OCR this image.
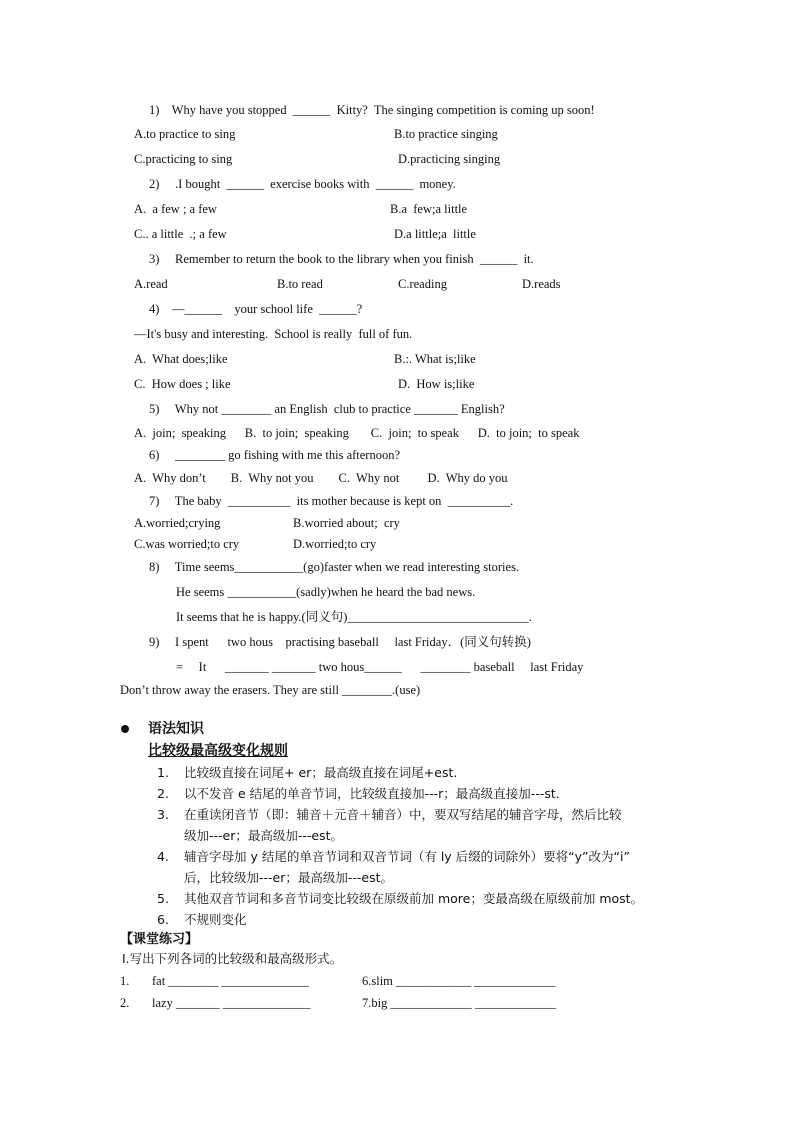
1)    Why have you stopped  ______  Kitty?  The singing competition is coming up soon!
A.to practice to sing	B.to practice singing
C.practicing to sing	D.practicing singing
2)     .I bought  ______  exercise books with  ______  money.
A.  a few ; a few	B.a  few;a little
C.. a little  .; a few	D.a little;a  little
3)     Remember to return the book to the library when you finish  ______  it.
A.read	B.to read	C.reading	D.reads
4)    —______    your school life  ______?
—It's busy and interesting.  School is really  full of fun.
A.  What does;like	B.:. What is;like
C.  How does ; like	D.  How is;like
5)     Why not ________ an English  club to practice _______ English?
A.  join;  speaking      B.  to join;  speaking       C.  join;  to speak      D.  to join;  to speak
6)     ________ go fishing with me this afternoon?
A.  Why don’t        B.  Why not you        C.  Why not         D.  Why do you
7)     The baby  __________  its mother because is kept on  __________.
A.worried;crying	B.worried about;  cry
C.was worried;to cry	D.worried;to cry
8)     Time seems___________(go)faster when we read interesting stories.
He seems ___________(sadly)when he heard the bad news.
It seems that he is happy.(同义句)_____________________________.
9)     I spent      two hous    practising baseball     last Friday．(同义句转换)
=     It      _______ _______ two hous______      ________ baseball     last Friday
Don’t throw away the erasers. They are still ________.(use)
语法知识
比较级最高级变化规则
1. 比较级直接在词尾+ er；最高级直接在词尾+est.
2. 以不发音 e 结尾的单音节词，比较级直接加---r；最高级直接加---st.
3. 在重读闭音节（即：辅音＋元音＋辅音）中，要双写结尾的辅音字母，然后比较
级加---er；最高级加---est。
4. 辅音字母加 y 结尾的单音节词和双音节词（有 ly 后缀的词除外）要将“y”改为“i”
后，比较级加---er；最高级加---est。
5. 其他双音节词和多音节词变比较级在原级前加 more；变最高级在原级前加 most。
6. 不规则变化
【课堂练习】
Ⅰ.写出下列各词的比较级和最高级形式。
1. fat ________ ______________	6.slim ____________ _____________
2. lazy _______ ______________	7.big _____________ _____________
